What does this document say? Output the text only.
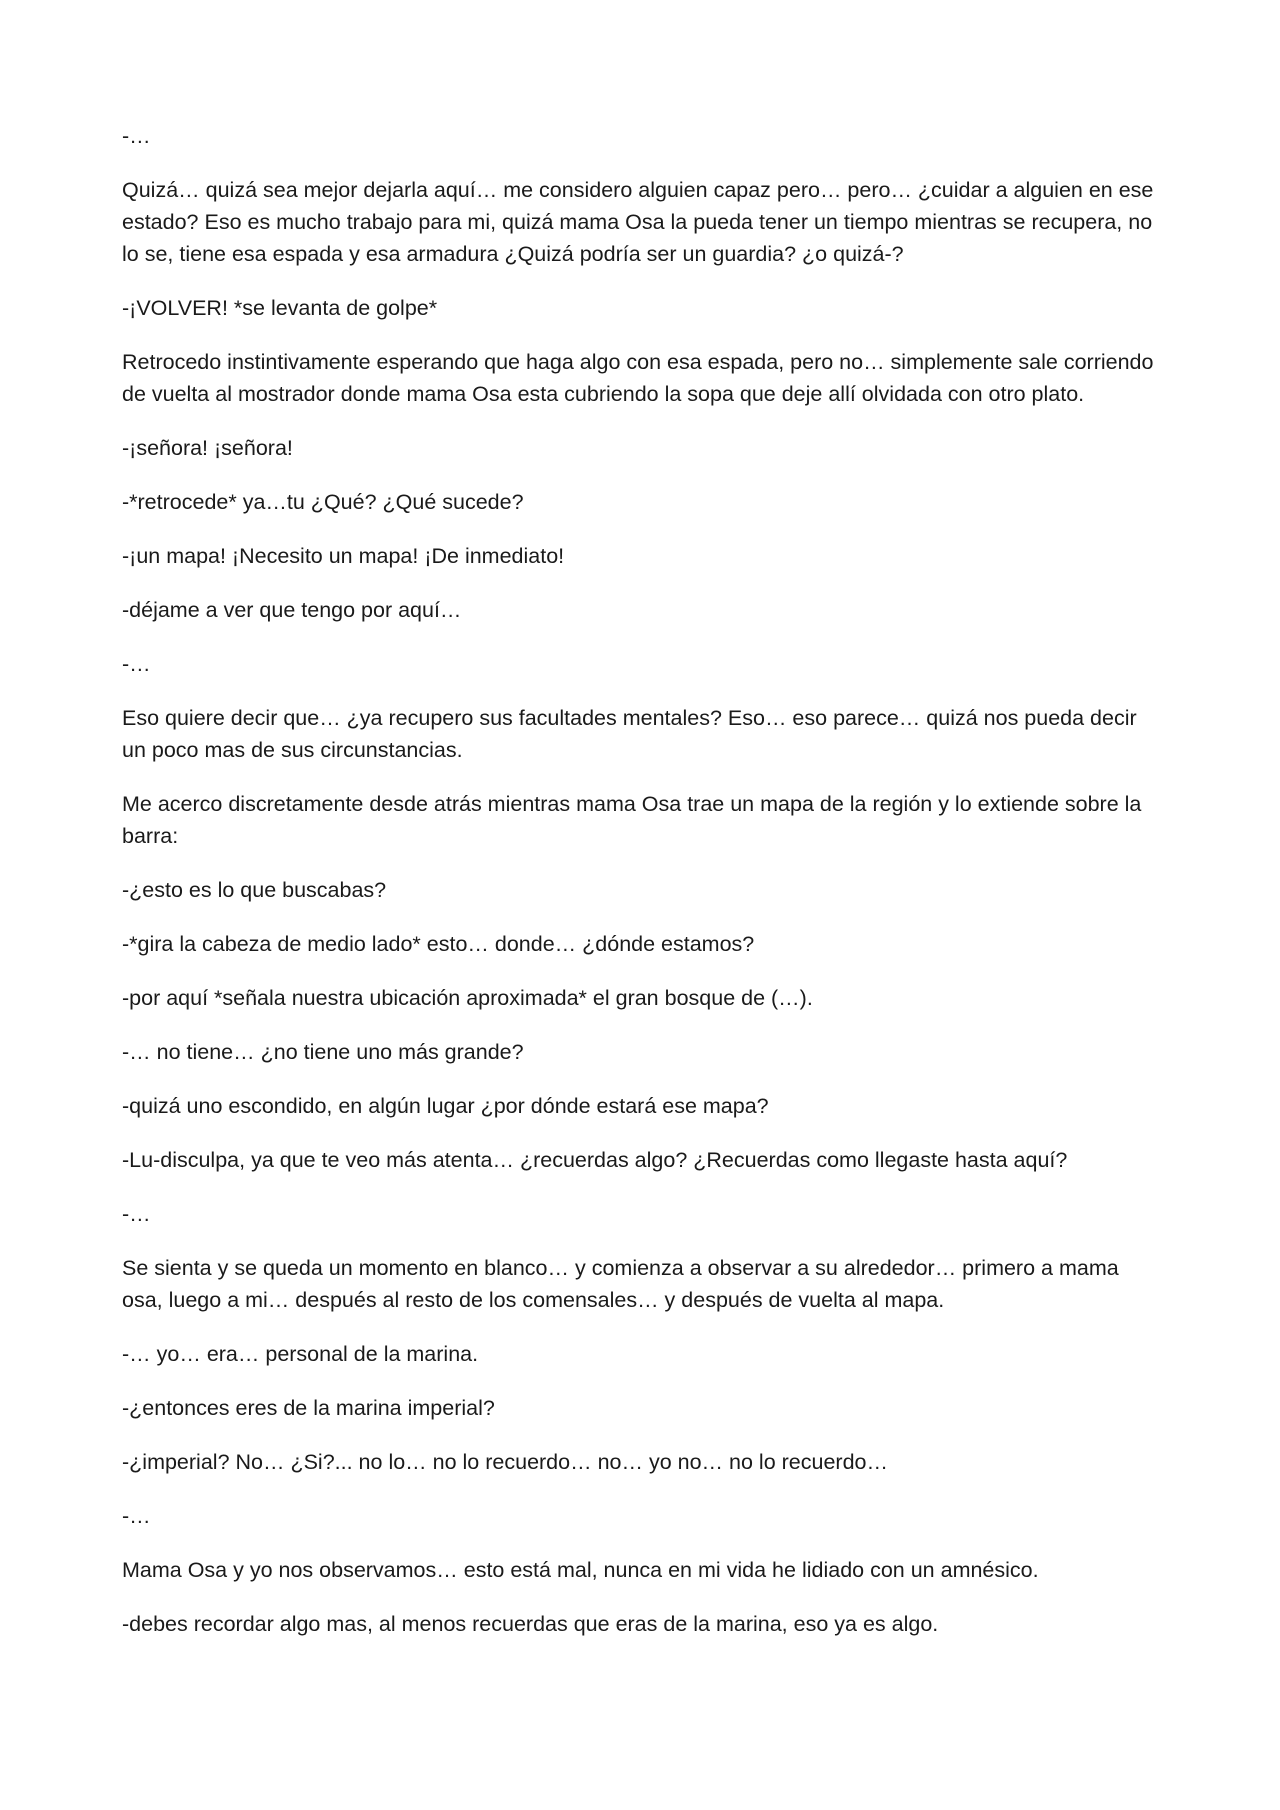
-…

Quizá… quizá sea mejor dejarla aquí… me considero alguien capaz pero… pero… ¿cuidar a alguien en ese estado? Eso es mucho trabajo para mi, quizá mama Osa la pueda tener un tiempo mientras se recupera, no lo se, tiene esa espada y esa armadura ¿Quizá podría ser un guardia? ¿o quizá-?

-¡VOLVER! *se levanta de golpe*

Retrocedo instintivamente esperando que haga algo con esa espada, pero no… simplemente sale corriendo de vuelta al mostrador donde mama Osa esta cubriendo la sopa que deje allí olvidada con otro plato.

-¡señora! ¡señora!

-*retrocede* ya…tu ¿Qué? ¿Qué sucede?

-¡un mapa! ¡Necesito un mapa! ¡De inmediato!

-déjame a ver que tengo por aquí…

-…

Eso quiere decir que… ¿ya recupero sus facultades mentales? Eso… eso parece… quizá nos pueda decir un poco mas de sus circunstancias.

Me acerco discretamente desde atrás mientras mama Osa trae un mapa de la región y lo extiende sobre la barra:

-¿esto es lo que buscabas?

-*gira la cabeza de medio lado* esto… donde… ¿dónde estamos?

-por aquí *señala nuestra ubicación aproximada* el gran bosque de (…).

-… no tiene… ¿no tiene uno más grande?

-quizá uno escondido, en algún lugar ¿por dónde estará ese mapa?

-Lu-disculpa, ya que te veo más atenta… ¿recuerdas algo? ¿Recuerdas como llegaste hasta aquí?

-…

Se sienta y se queda un momento en blanco… y comienza a observar a su alrededor… primero a mama osa, luego a mi… después al resto de los comensales… y después de vuelta al mapa.

-… yo… era… personal de la marina.

-¿entonces eres de la marina imperial?

-¿imperial? No… ¿Si?... no lo… no lo recuerdo… no… yo no… no lo recuerdo…

-…

Mama Osa y yo nos observamos… esto está mal, nunca en mi vida he lidiado con un amnésico.

-debes recordar algo mas, al menos recuerdas que eras de la marina, eso ya es algo.
